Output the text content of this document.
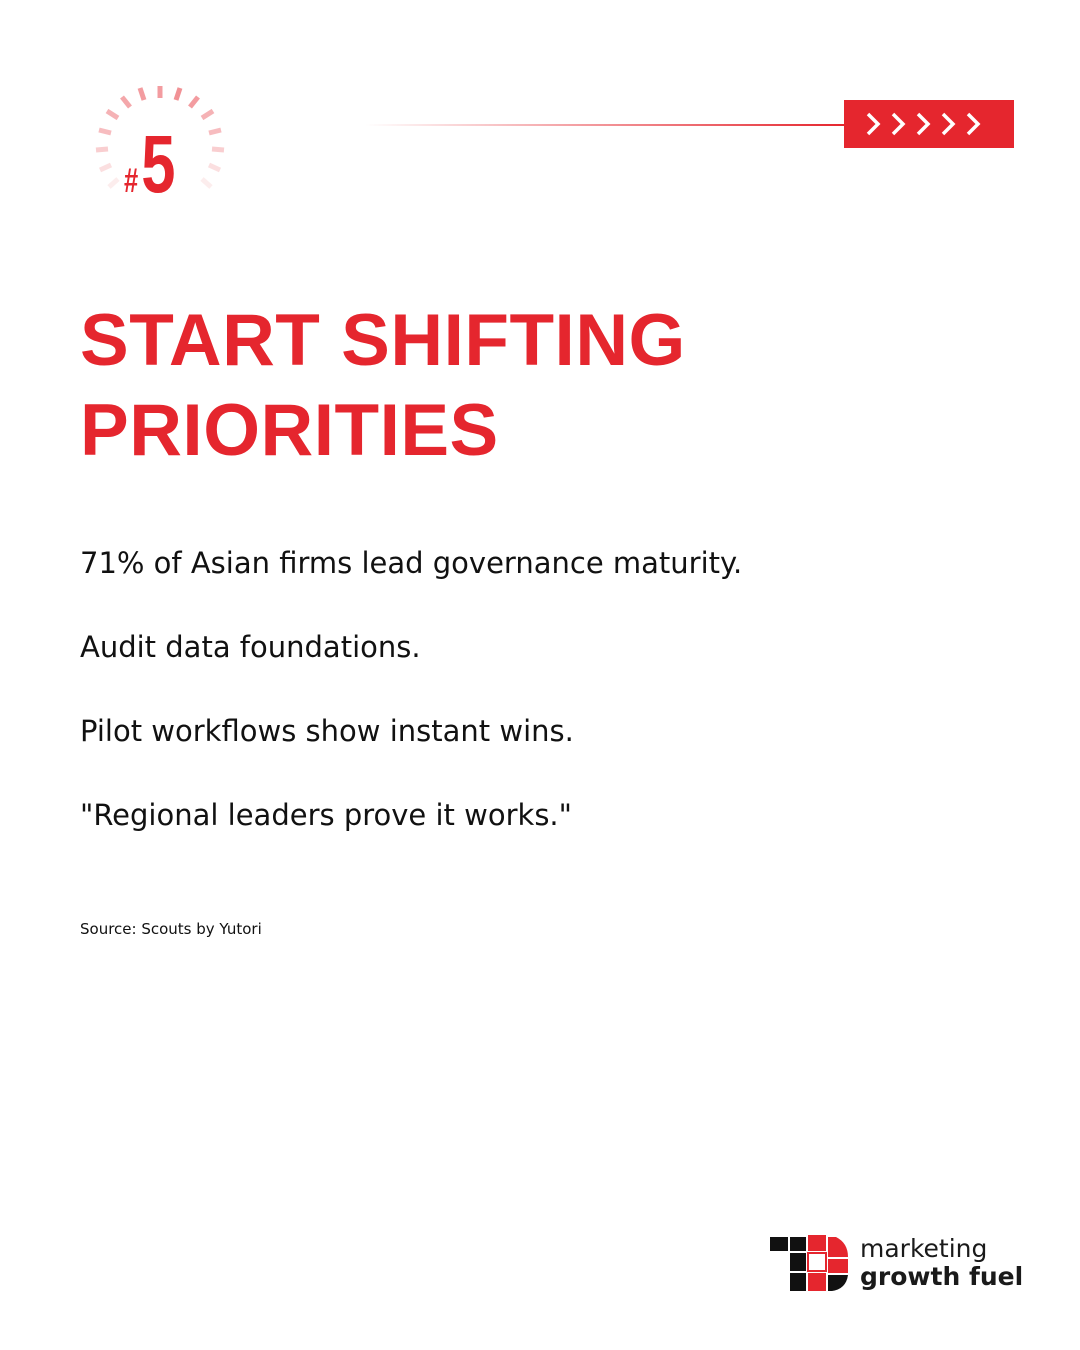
# 5
START SHIFTING
PRIORITIES

71% of Asian firms lead governance maturity.

Audit data foundations.

Pilot workflows show instant wins.

"Regional leaders prove it works."

Source: Scouts by Yutori

marketing
growth fuel
